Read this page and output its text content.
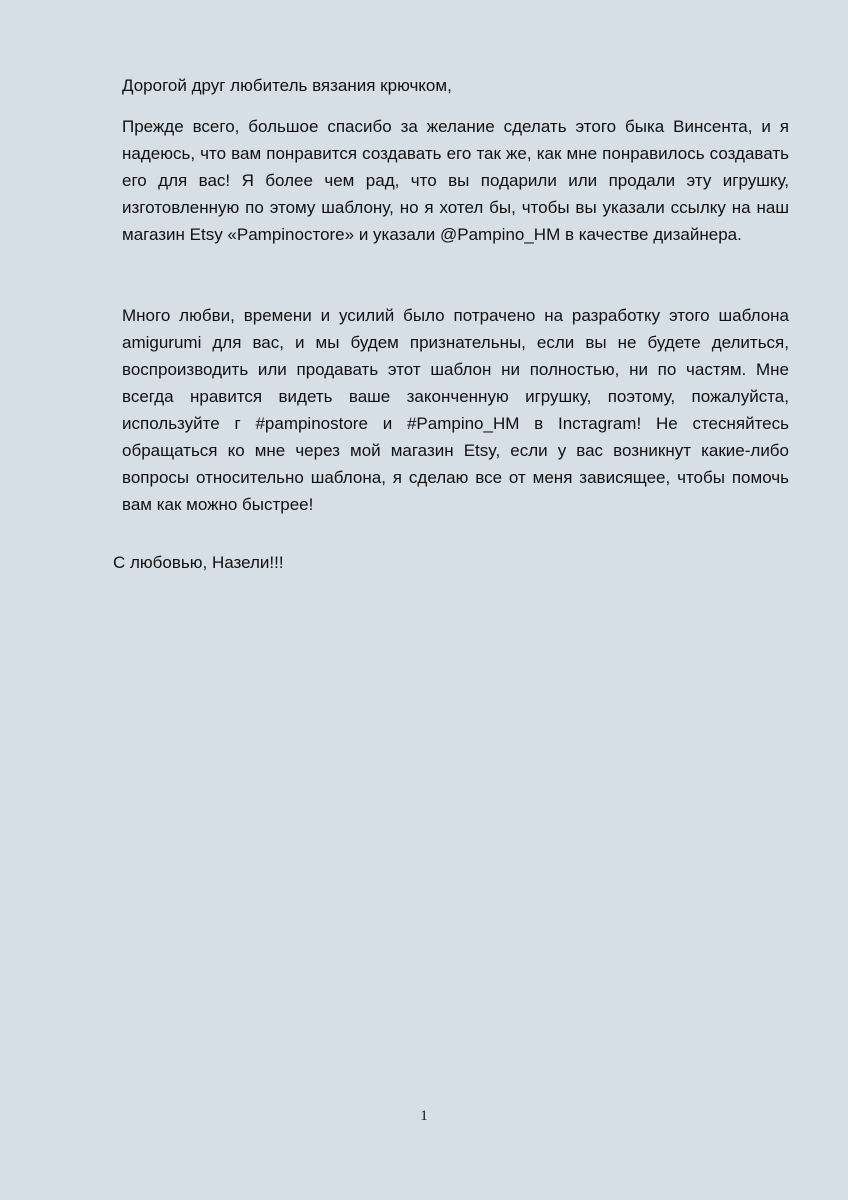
Дорогой друг любитель вязания крючком,

Прежде всего, большое спасибо за желание сделать этого быка Винсента, и я надеюсь, что вам понравится создавать его так же, как мне понравилось создавать его для вас! Я более чем рад, что вы подарили или продали эту игрушку, изготовленную по этому шаблону, но я хотел бы, чтобы вы указали ссылку на наш магазин Etsy «Pampinoстоre» и указали @Pampino_HM в качестве дизайнера.

Много любви, времени и усилий было потрачено на разработку этого шаблона amigurumi для вас, и мы будем признательны, если вы не будете делиться, воспроизводить или продавать этот шаблон ни полностью, ни по частям. Мне всегда нравится видеть ваше законченную игрушку, поэтому, пожалуйста, используйте г #pampinostore и #Pampino_HM в Inстаgram! Не стесняйтесь обращаться ко мне через мой магазин Etsy, если у вас возникнут какие-либо вопросы относительно шаблона, я сделаю все от меня зависящее, чтобы помочь вам как можно быстрее!

С любовью, Назели!!!

1
